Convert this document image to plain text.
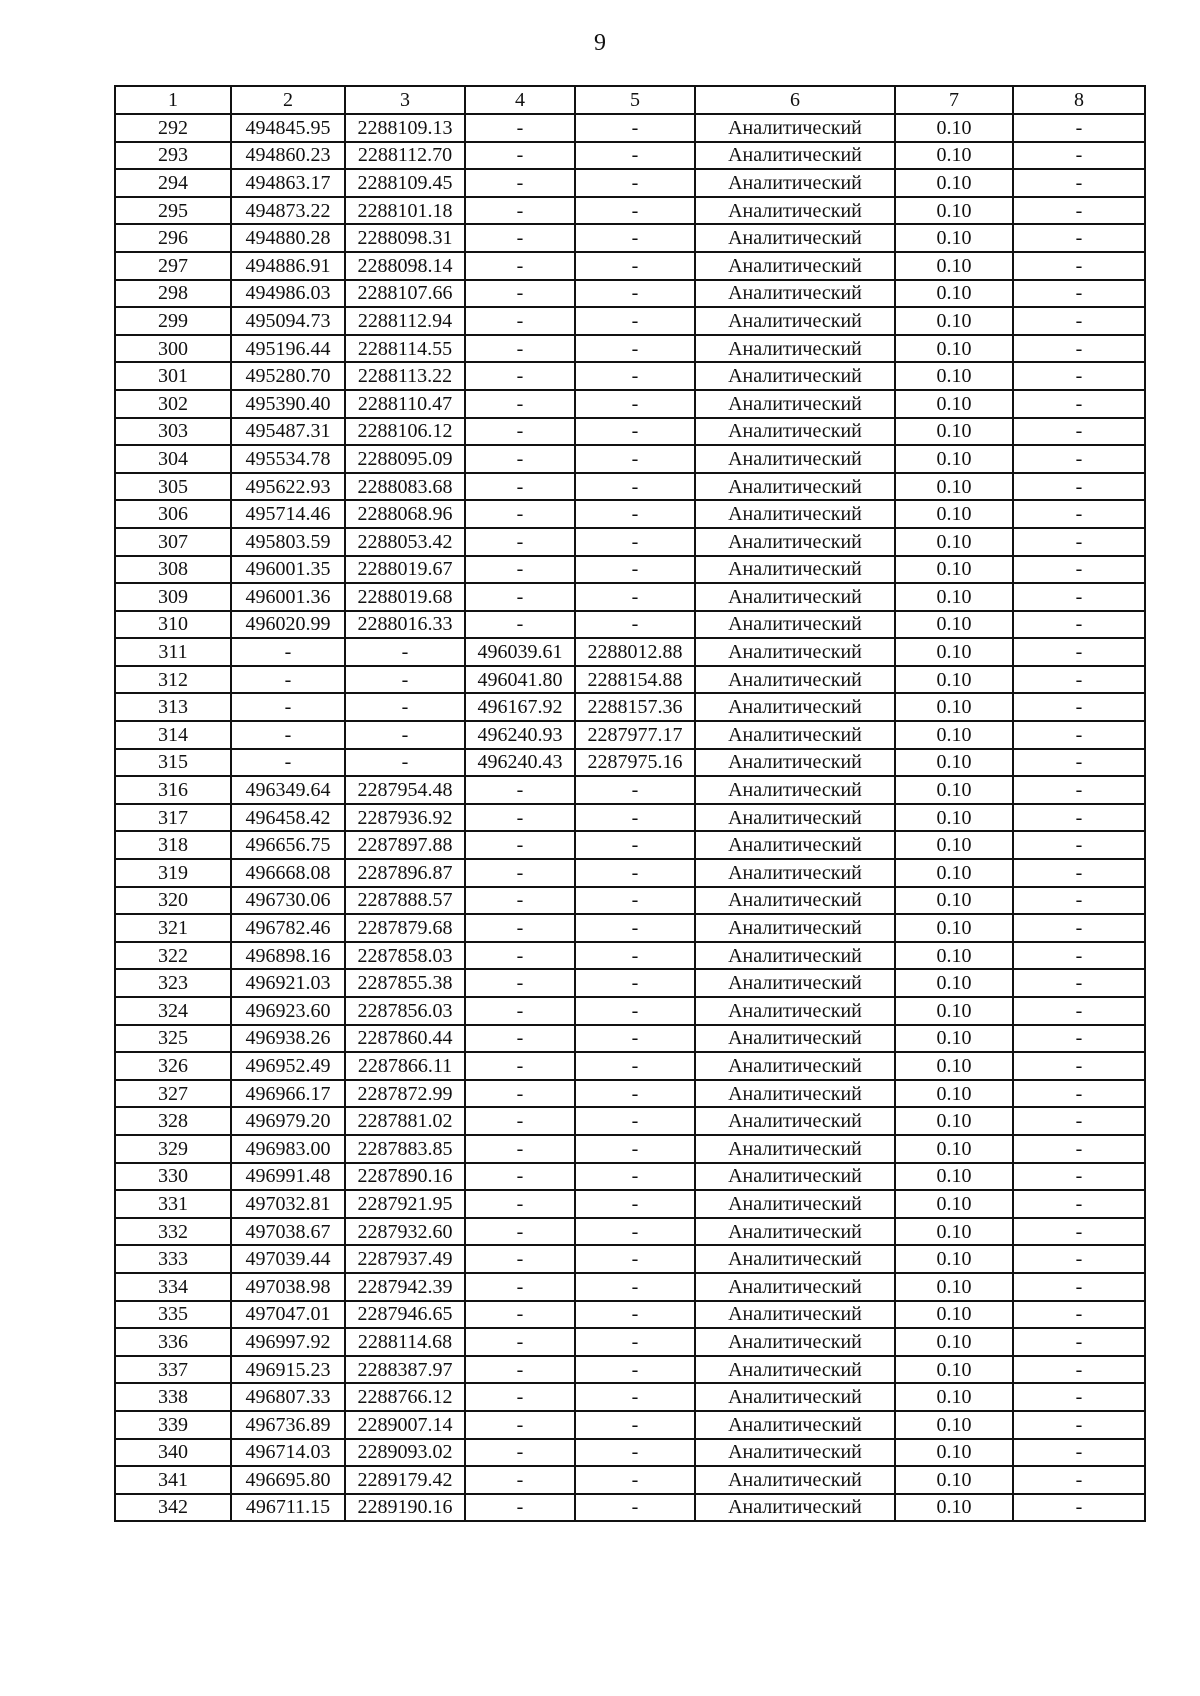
9
1	2	3	4	5	6	7	8
292	494845.95	2288109.13	-	-	Аналитический	0.10	-
293	494860.23	2288112.70	-	-	Аналитический	0.10	-
294	494863.17	2288109.45	-	-	Аналитический	0.10	-
295	494873.22	2288101.18	-	-	Аналитический	0.10	-
296	494880.28	2288098.31	-	-	Аналитический	0.10	-
297	494886.91	2288098.14	-	-	Аналитический	0.10	-
298	494986.03	2288107.66	-	-	Аналитический	0.10	-
299	495094.73	2288112.94	-	-	Аналитический	0.10	-
300	495196.44	2288114.55	-	-	Аналитический	0.10	-
301	495280.70	2288113.22	-	-	Аналитический	0.10	-
302	495390.40	2288110.47	-	-	Аналитический	0.10	-
303	495487.31	2288106.12	-	-	Аналитический	0.10	-
304	495534.78	2288095.09	-	-	Аналитический	0.10	-
305	495622.93	2288083.68	-	-	Аналитический	0.10	-
306	495714.46	2288068.96	-	-	Аналитический	0.10	-
307	495803.59	2288053.42	-	-	Аналитический	0.10	-
308	496001.35	2288019.67	-	-	Аналитический	0.10	-
309	496001.36	2288019.68	-	-	Аналитический	0.10	-
310	496020.99	2288016.33	-	-	Аналитический	0.10	-
311	-	-	496039.61	2288012.88	Аналитический	0.10	-
312	-	-	496041.80	2288154.88	Аналитический	0.10	-
313	-	-	496167.92	2288157.36	Аналитический	0.10	-
314	-	-	496240.93	2287977.17	Аналитический	0.10	-
315	-	-	496240.43	2287975.16	Аналитический	0.10	-
316	496349.64	2287954.48	-	-	Аналитический	0.10	-
317	496458.42	2287936.92	-	-	Аналитический	0.10	-
318	496656.75	2287897.88	-	-	Аналитический	0.10	-
319	496668.08	2287896.87	-	-	Аналитический	0.10	-
320	496730.06	2287888.57	-	-	Аналитический	0.10	-
321	496782.46	2287879.68	-	-	Аналитический	0.10	-
322	496898.16	2287858.03	-	-	Аналитический	0.10	-
323	496921.03	2287855.38	-	-	Аналитический	0.10	-
324	496923.60	2287856.03	-	-	Аналитический	0.10	-
325	496938.26	2287860.44	-	-	Аналитический	0.10	-
326	496952.49	2287866.11	-	-	Аналитический	0.10	-
327	496966.17	2287872.99	-	-	Аналитический	0.10	-
328	496979.20	2287881.02	-	-	Аналитический	0.10	-
329	496983.00	2287883.85	-	-	Аналитический	0.10	-
330	496991.48	2287890.16	-	-	Аналитический	0.10	-
331	497032.81	2287921.95	-	-	Аналитический	0.10	-
332	497038.67	2287932.60	-	-	Аналитический	0.10	-
333	497039.44	2287937.49	-	-	Аналитический	0.10	-
334	497038.98	2287942.39	-	-	Аналитический	0.10	-
335	497047.01	2287946.65	-	-	Аналитический	0.10	-
336	496997.92	2288114.68	-	-	Аналитический	0.10	-
337	496915.23	2288387.97	-	-	Аналитический	0.10	-
338	496807.33	2288766.12	-	-	Аналитический	0.10	-
339	496736.89	2289007.14	-	-	Аналитический	0.10	-
340	496714.03	2289093.02	-	-	Аналитический	0.10	-
341	496695.80	2289179.42	-	-	Аналитический	0.10	-
342	496711.15	2289190.16	-	-	Аналитический	0.10	-
